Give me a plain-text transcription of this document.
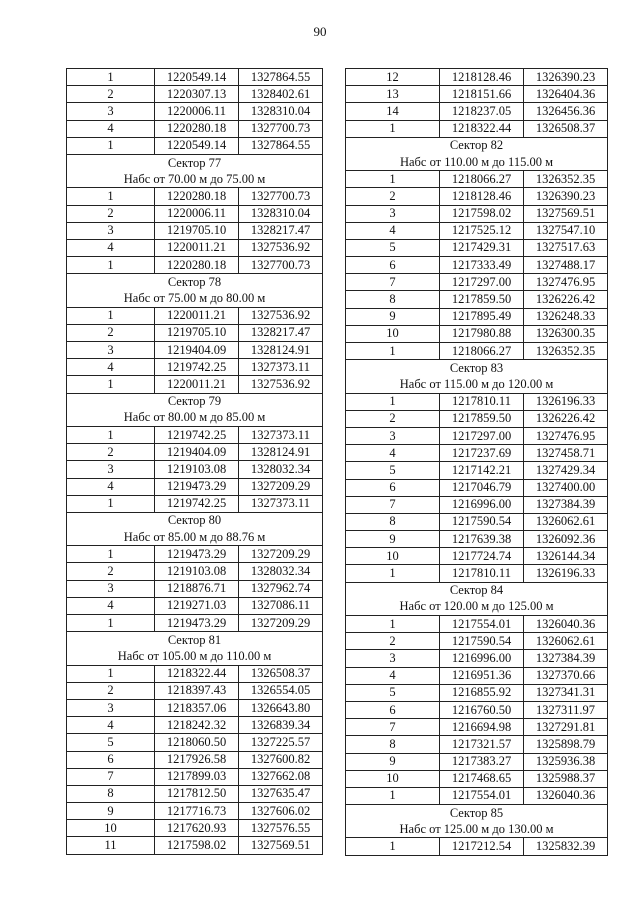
90
1	1220549.14	1327864.55
2	1220307.13	1328402.61
3	1220006.11	1328310.04
4	1220280.18	1327700.73
1	1220549.14	1327864.55
Сектор 77		
Набс от 70.00 м до 75.00 м		
1	1220280.18	1327700.73
2	1220006.11	1328310.04
3	1219705.10	1328217.47
4	1220011.21	1327536.92
1	1220280.18	1327700.73
Сектор 78		
Набс от 75.00 м до 80.00 м		
1	1220011.21	1327536.92
2	1219705.10	1328217.47
3	1219404.09	1328124.91
4	1219742.25	1327373.11
1	1220011.21	1327536.92
Сектор 79		
Набс от 80.00 м до 85.00 м		
1	1219742.25	1327373.11
2	1219404.09	1328124.91
3	1219103.08	1328032.34
4	1219473.29	1327209.29
1	1219742.25	1327373.11
Сектор 80		
Набс от 85.00 м до 88.76 м		
1	1219473.29	1327209.29
2	1219103.08	1328032.34
3	1218876.71	1327962.74
4	1219271.03	1327086.11
1	1219473.29	1327209.29
Сектор 81		
Набс от 105.00 м до 110.00 м		
1	1218322.44	1326508.37
2	1218397.43	1326554.05
3	1218357.06	1326643.80
4	1218242.32	1326839.34
5	1218060.50	1327225.57
6	1217926.58	1327600.82
7	1217899.03	1327662.08
8	1217812.50	1327635.47
9	1217716.73	1327606.02
10	1217620.93	1327576.55
11	1217598.02	1327569.51
12	1218128.46	1326390.23
13	1218151.66	1326404.36
14	1218237.05	1326456.36
1	1218322.44	1326508.37
Сектор 82		
Набс от 110.00 м до 115.00 м		
1	1218066.27	1326352.35
2	1218128.46	1326390.23
3	1217598.02	1327569.51
4	1217525.12	1327547.10
5	1217429.31	1327517.63
6	1217333.49	1327488.17
7	1217297.00	1327476.95
8	1217859.50	1326226.42
9	1217895.49	1326248.33
10	1217980.88	1326300.35
1	1218066.27	1326352.35
Сектор 83		
Набс от 115.00 м до 120.00 м		
1	1217810.11	1326196.33
2	1217859.50	1326226.42
3	1217297.00	1327476.95
4	1217237.69	1327458.71
5	1217142.21	1327429.34
6	1217046.79	1327400.00
7	1216996.00	1327384.39
8	1217590.54	1326062.61
9	1217639.38	1326092.36
10	1217724.74	1326144.34
1	1217810.11	1326196.33
Сектор 84		
Набс от 120.00 м до 125.00 м		
1	1217554.01	1326040.36
2	1217590.54	1326062.61
3	1216996.00	1327384.39
4	1216951.36	1327370.66
5	1216855.92	1327341.31
6	1216760.50	1327311.97
7	1216694.98	1327291.81
8	1217321.57	1325898.79
9	1217383.27	1325936.38
10	1217468.65	1325988.37
1	1217554.01	1326040.36
Сектор 85		
Набс от 125.00 м до 130.00 м		
1	1217212.54	1325832.39
